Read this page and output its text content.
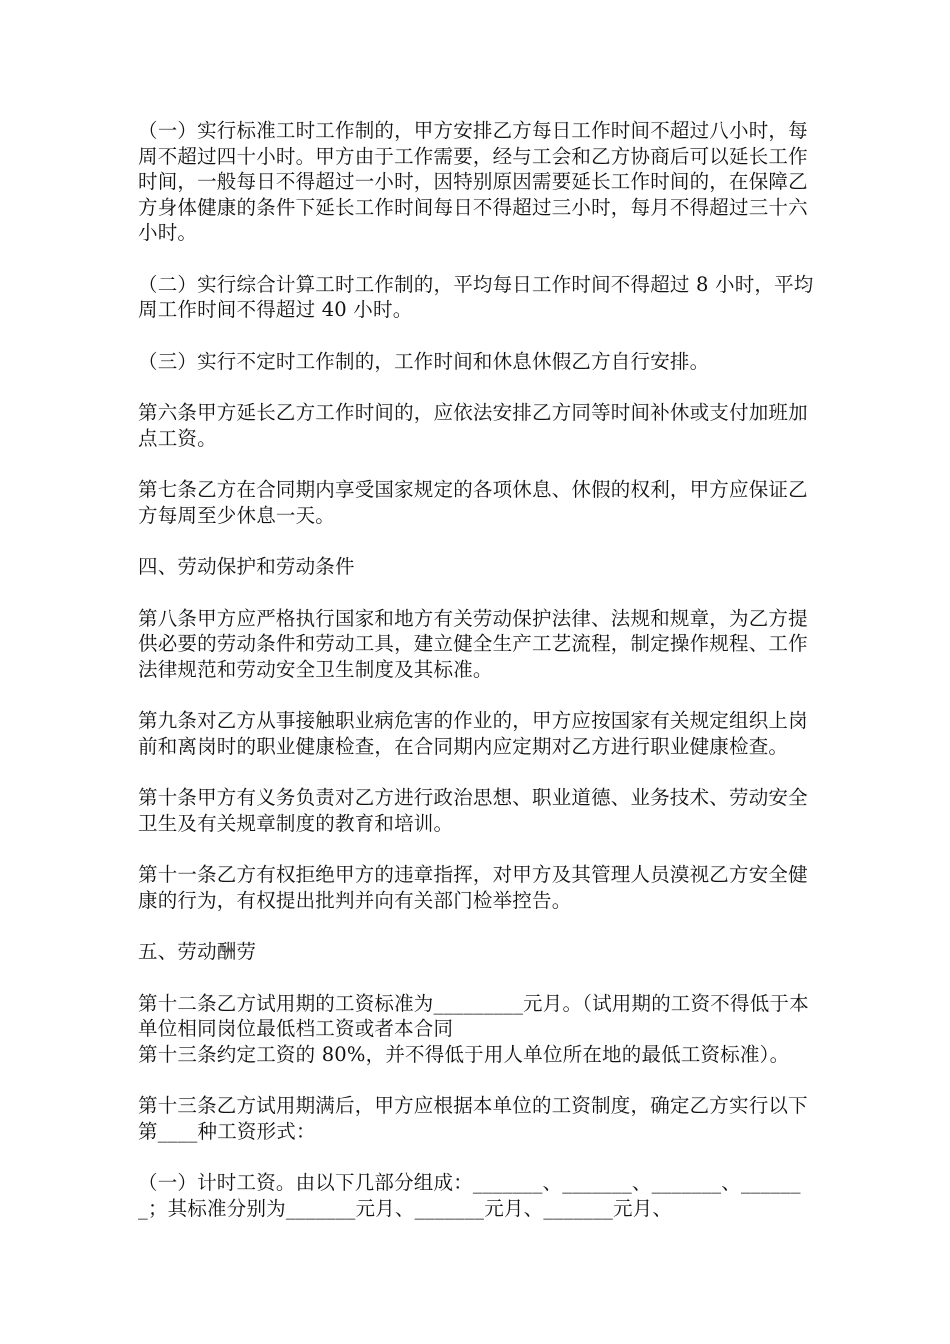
（一）实行标准工时工作制的，甲方安排乙方每日工作时间不超过八小时，每周不超过四十小时。甲方由于工作需要，经与工会和乙方协商后可以延长工作时间，一般每日不得超过一小时，因特别原因需要延长工作时间的，在保障乙方身体健康的条件下延长工作时间每日不得超过三小时，每月不得超过三十六小时。

（二）实行综合计算工时工作制的，平均每日工作时间不得超过 8 小时，平均周工作时间不得超过 40 小时。

（三）实行不定时工作制的，工作时间和休息休假乙方自行安排。

第六条甲方延长乙方工作时间的，应依法安排乙方同等时间补休或支付加班加点工资。

第七条乙方在合同期内享受国家规定的各项休息、休假的权利，甲方应保证乙方每周至少休息一天。

四、劳动保护和劳动条件

第八条甲方应严格执行国家和地方有关劳动保护法律、法规和规章，为乙方提供必要的劳动条件和劳动工具，建立健全生产工艺流程，制定操作规程、工作法律规范和劳动安全卫生制度及其标准。

第九条对乙方从事接触职业病危害的作业的，甲方应按国家有关规定组织上岗前和离岗时的职业健康检查，在合同期内应定期对乙方进行职业健康检查。

第十条甲方有义务负责对乙方进行政治思想、职业道德、业务技术、劳动安全卫生及有关规章制度的教育和培训。

第十一条乙方有权拒绝甲方的违章指挥，对甲方及其管理人员漠视乙方安全健康的行为，有权提出批判并向有关部门检举控告。

五、劳动酬劳

第十二条乙方试用期的工资标准为_________元月。（试用期的工资不得低于本单位相同岗位最低档工资或者本合同

第十三条约定工资的 80%，并不得低于用人单位所在地的最低工资标准）。

第十三条乙方试用期满后，甲方应根据本单位的工资制度，确定乙方实行以下第____种工资形式：

（一）计时工资。由以下几部分组成：_______、_______、_______、_______；其标准分别为_______元月、_______元月、_______元月、
